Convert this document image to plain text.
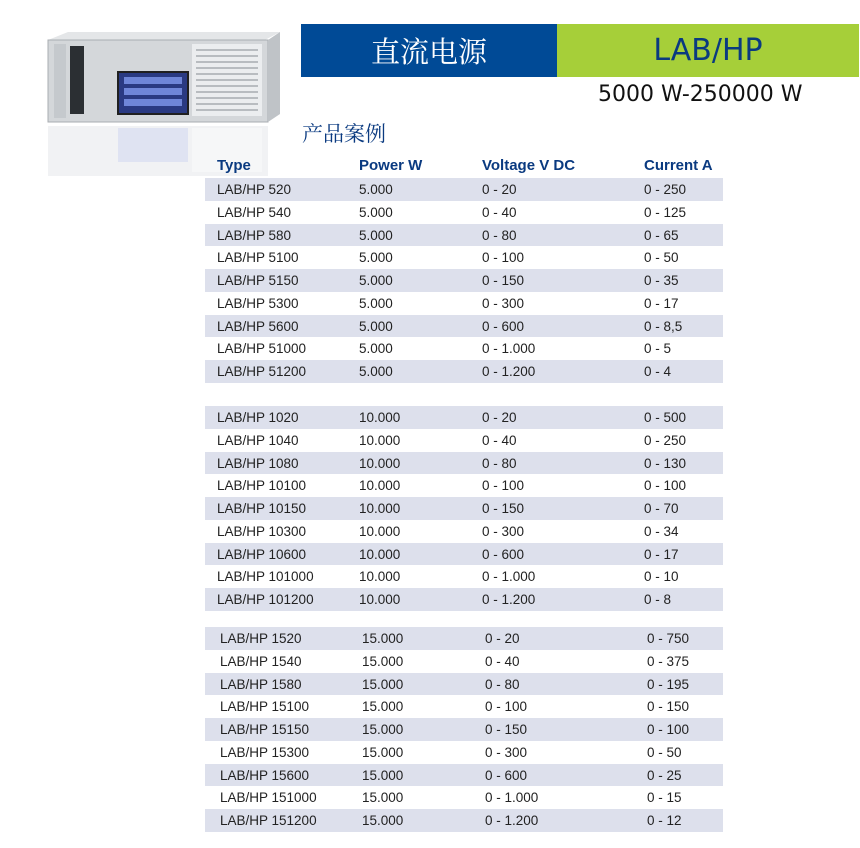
直流电源	LAB/HP
5000 W-250000 W
产品案例
Type	Power W	Voltage V DC	Current A
LAB/HP 520	5.000	0 - 20	0 - 250
LAB/HP 540	5.000	0 - 40	0 - 125
LAB/HP 580	5.000	0 - 80	0 - 65
LAB/HP 5100	5.000	0 - 100	0 - 50
LAB/HP 5150	5.000	0 - 150	0 - 35
LAB/HP 5300	5.000	0 - 300	0 - 17
LAB/HP 5600	5.000	0 - 600	0 - 8,5
LAB/HP 51000	5.000	0 - 1.000	0 - 5
LAB/HP 51200	5.000	0 - 1.200	0 - 4
LAB/HP 1020	10.000	0 - 20	0 - 500
LAB/HP 1040	10.000	0 - 40	0 - 250
LAB/HP 1080	10.000	0 - 80	0 - 130
LAB/HP 10100	10.000	0 - 100	0 - 100
LAB/HP 10150	10.000	0 - 150	0 - 70
LAB/HP 10300	10.000	0 - 300	0 - 34
LAB/HP 10600	10.000	0 - 600	0 - 17
LAB/HP 101000	10.000	0 - 1.000	0 - 10
LAB/HP 101200	10.000	0 - 1.200	0 - 8
LAB/HP 1520	15.000	0 - 20	0 - 750
LAB/HP 1540	15.000	0 - 40	0 - 375
LAB/HP 1580	15.000	0 - 80	0 - 195
LAB/HP 15100	15.000	0 - 100	0 - 150
LAB/HP 15150	15.000	0 - 150	0 - 100
LAB/HP 15300	15.000	0 - 300	0 - 50
LAB/HP 15600	15.000	0 - 600	0 - 25
LAB/HP 151000	15.000	0 - 1.000	0 - 15
LAB/HP 151200	15.000	0 - 1.200	0 - 12
